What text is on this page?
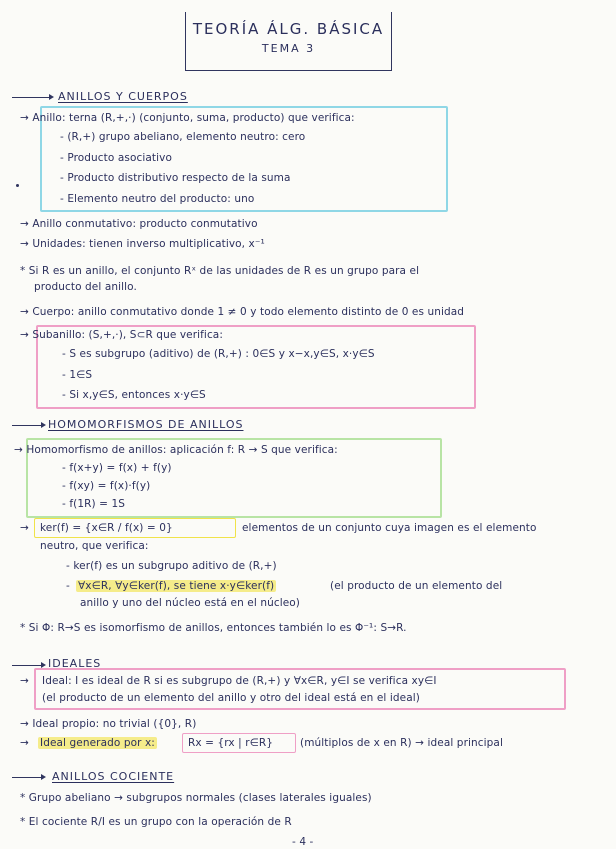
TEORÍA ÁLG. BÁSICA
TEMA 3
ANILLOS Y CUERPOS
→ Anillo: terna (R,+,·) (conjunto, suma, producto) que verifica:
- (R,+) grupo abeliano, elemento neutro: cero
- Producto asociativo
- Producto distributivo respecto de la suma
- Elemento neutro del producto: uno
→ Anillo conmutativo: producto conmutativo
→ Unidades: tienen inverso multiplicativo, x⁻¹
* Si R es un anillo, el conjunto Rˣ de las unidades de R es un grupo para el
producto del anillo.
→ Cuerpo: anillo conmutativo donde 1 ≠ 0 y todo elemento distinto de 0 es unidad
→ Subanillo: (S,+,·), S⊂R que verifica:
- S es subgrupo (aditivo) de (R,+) : 0∈S y x−x,y∈S, x·y∈S
- 1∈S
- Si x,y∈S, entonces x·y∈S
HOMOMORFISMOS DE ANILLOS
→ Homomorfismo de anillos: aplicación f: R → S que verifica:
- f(x+y) = f(x) + f(y)
- f(xy) = f(x)·f(y)
- f(1R) = 1S
→ ker(f) = {x∈R / f(x) = 0}	elementos de un conjunto cuya imagen es el elemento
neutro, que verifica:
- ker(f) es un subgrupo aditivo de (R,+)
- ∀x∈R, ∀y∈ker(f), se tiene x·y∈ker(f)	(el producto de un elemento del
anillo y uno del núcleo está en el núcleo)
* Si Φ: R→S es isomorfismo de anillos, entonces también lo es Φ⁻¹: S→R.
IDEALES
→ Ideal: I es ideal de R si es subgrupo de (R,+) y ∀x∈R, y∈I se verifica xy∈I
(el producto de un elemento del anillo y otro del ideal está en el ideal)
→ Ideal propio: no trivial ({0}, R)
→ Ideal generado por x:	Rx = {rx | r∈R}	(múltiplos de x en R) → ideal principal
ANILLOS COCIENTE
* Grupo abeliano → subgrupos normales (clases laterales iguales)
* El cociente R/I es un grupo con la operación de R
- 4 -
